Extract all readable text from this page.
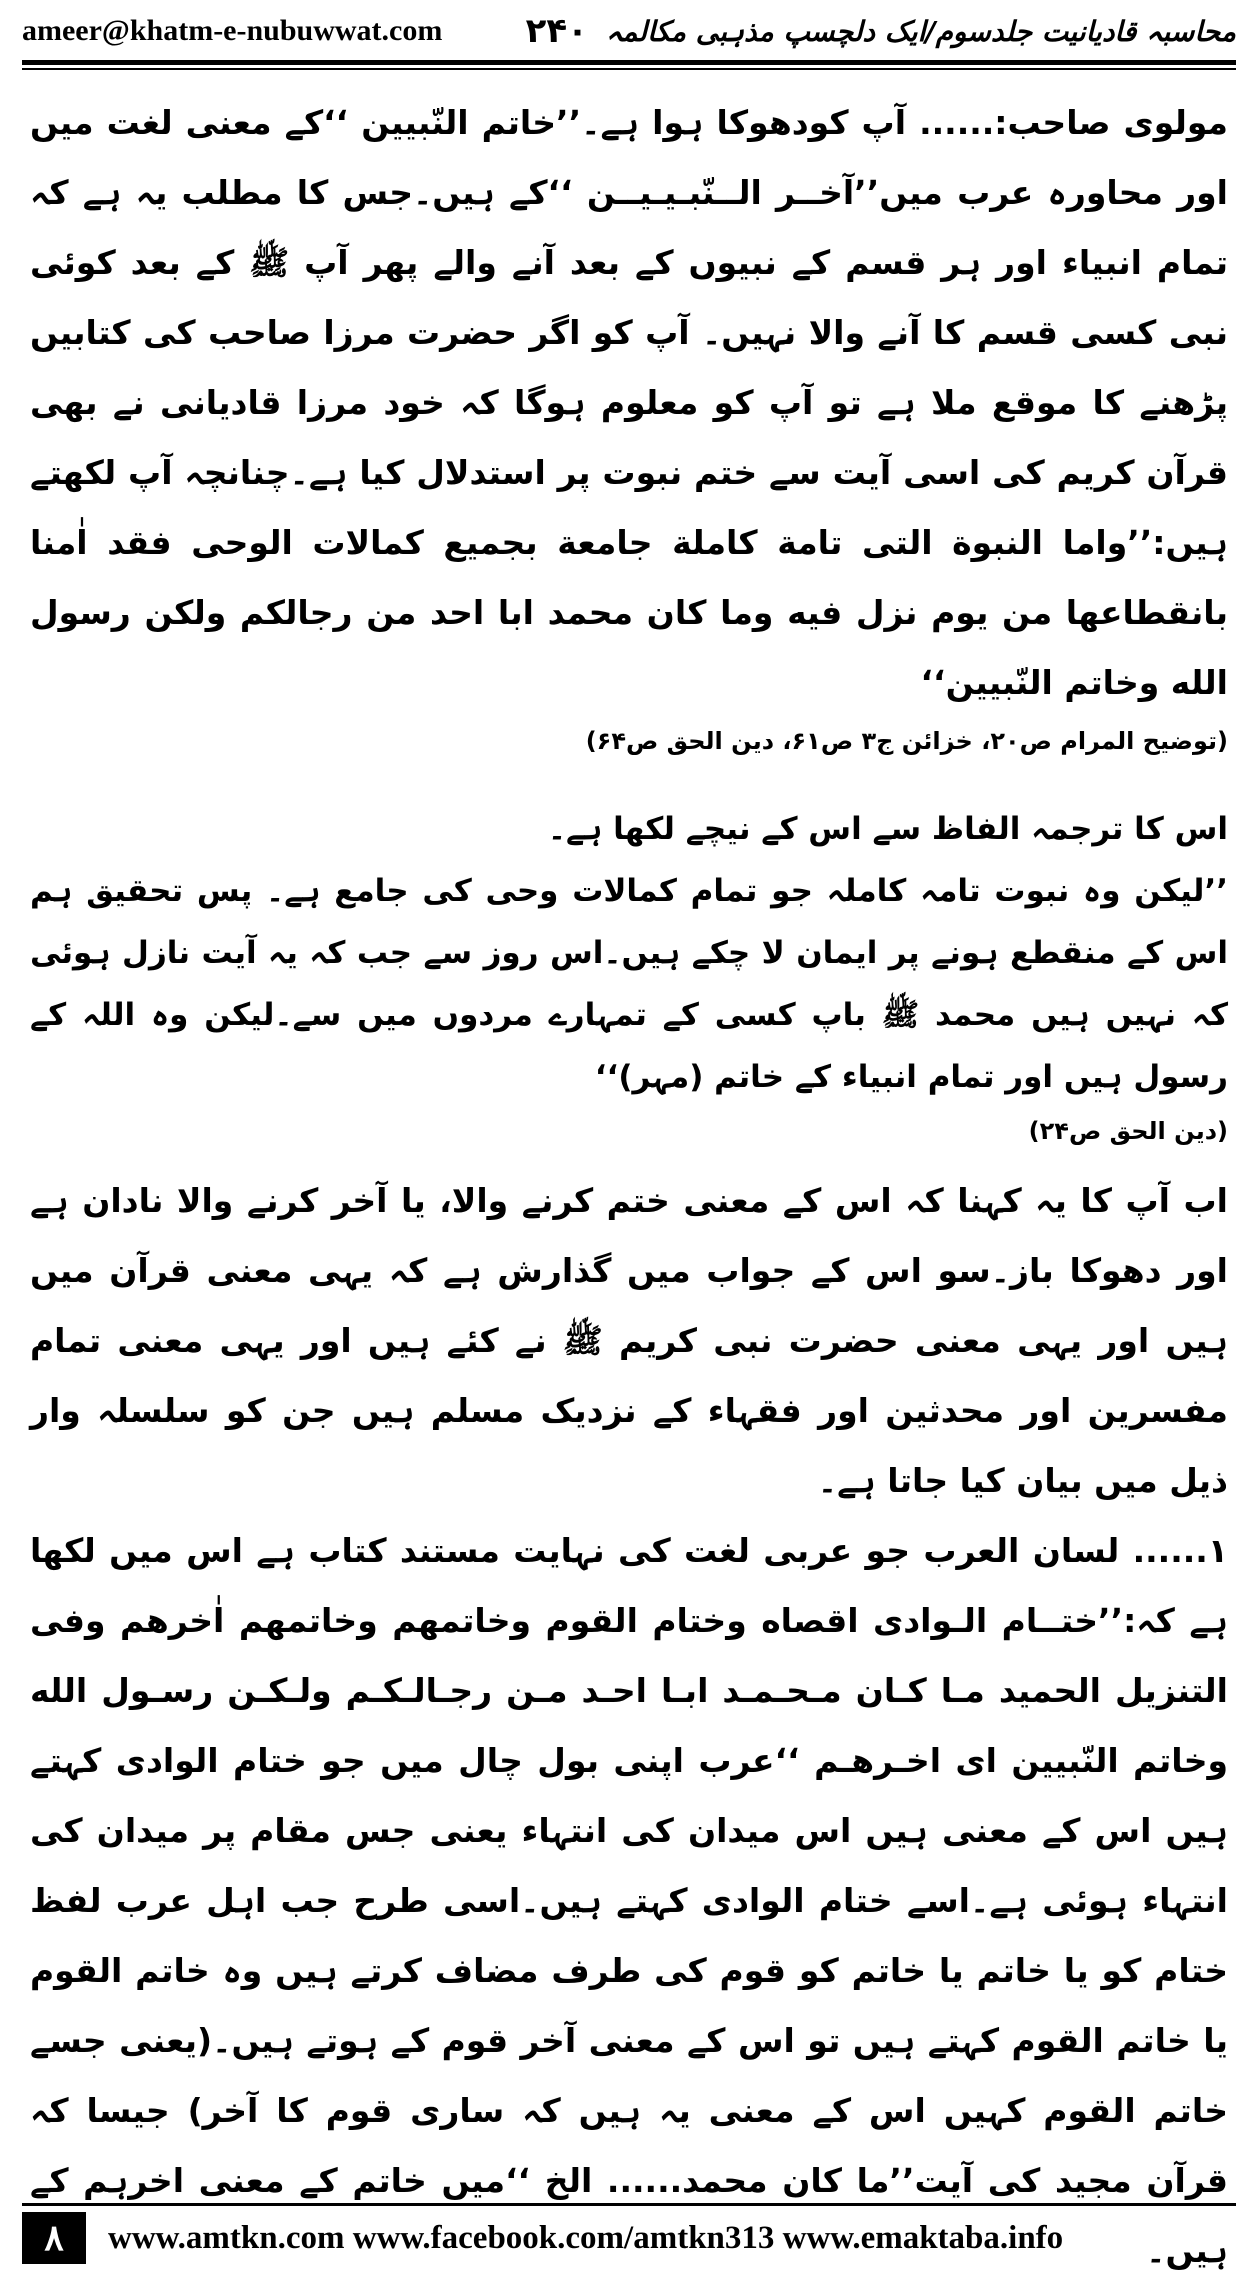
ameer@khatm-e-nubuwwat.com	محاسبہ قادیانیت جلدسوم/ایک دلچسپ مذہبی مکالمہ
۲۴۰

مولوی صاحب:...... آپ کودھوکا ہوا ہے۔’’خاتم النّبیین ‘‘کے معنی لغت میں اور محاورہ عرب میں’’آخــر الــنّبـیـیــن ‘‘کے ہیں۔جس کا مطلب یہ ہے کہ تمام انبیاء اور ہر قسم کے نبیوں کے بعد آنے والے پھر آپ ﷺ کے بعد کوئی نبی کسی قسم کا آنے والا نہیں۔ آپ کو اگر حضرت مرزا صاحب کی کتابیں پڑھنے کا موقع ملا ہے تو آپ کو معلوم ہوگا کہ خود مرزا قادیانی نے بھی قرآن کریم کی اسی آیت سے ختم نبوت پر استدلال کیا ہے۔چنانچہ آپ لکھتے ہیں:’’واما النبوة التی تامة کاملة جامعة بجمیع کمالات الوحی فقد اٰمنا بانقطاعها من یوم نزل فیه وما کان محمد ابا احد من رجالکم ولکن رسول الله وخاتم النّبیین‘‘

(توضیح المرام ص۲۰، خزائن ج۳ ص۶۱، دین الحق ص۶۴)

اس کا ترجمہ الفاظ سے اس کے نیچے لکھا ہے۔

’’لیکن وہ نبوت تامہ کاملہ جو تمام کمالات وحی کی جامع ہے۔ پس تحقیق ہم اس کے منقطع ہونے پر ایمان لا چکے ہیں۔اس روز سے جب کہ یہ آیت نازل ہوئی کہ نہیں ہیں محمد ﷺ باپ کسی کے تمہارے مردوں میں سے۔لیکن وہ اللہ کے رسول ہیں اور تمام انبیاء کے خاتم (مہر)‘‘

(دین الحق ص۲۴)

اب آپ کا یہ کہنا کہ اس کے معنی ختم کرنے والا، یا آخر کرنے والا نادان ہے اور دھوکا باز۔سو اس کے جواب میں گذارش ہے کہ یہی معنی قرآن میں ہیں اور یہی معنی حضرت نبی کریم ﷺ نے کئے ہیں اور یہی معنی تمام مفسرین اور محدثین اور فقہاء کے نزدیک مسلم ہیں جن کو سلسلہ وار ذیل میں بیان کیا جاتا ہے۔

۱...... لسان العرب جو عربی لغت کی نہایت مستند کتاب ہے اس میں لکھا ہے کہ:’’ختــام الـوادی اقصاه وختام القوم وخاتمهم وخاتمهم اٰخرهم وفی التنزیل الحمید مـا کـان مـحـمـد ابـا احـد مـن رجـالـکـم ولـکـن رسـول الله وخاتم النّبیین ای اخـرهـم ‘‘عرب اپنی بول چال میں جو ختام الوادی کہتے ہیں اس کے معنی ہیں اس میدان کی انتہاء یعنی جس مقام پر میدان کی انتہاء ہوئی ہے۔اسے ختام الوادی کہتے ہیں۔اسی طرح جب اہل عرب لفظ ختام کو یا خاتم یا خاتم کو قوم کی طرف مضاف کرتے ہیں وہ خاتم القوم یا خاتم القوم کہتے ہیں تو اس کے معنی آخر قوم کے ہوتے ہیں۔(یعنی جسے خاتم القوم کہیں اس کے معنی یہ ہیں کہ ساری قوم کا آخر) جیسا کہ قرآن مجید کی آیت’’ما کان محمد...... الخ ‘‘میں خاتم کے معنی اخرہم کے ہیں۔

۸	www.amtkn.com www.facebook.com/amtkn313 www.emaktaba.info
